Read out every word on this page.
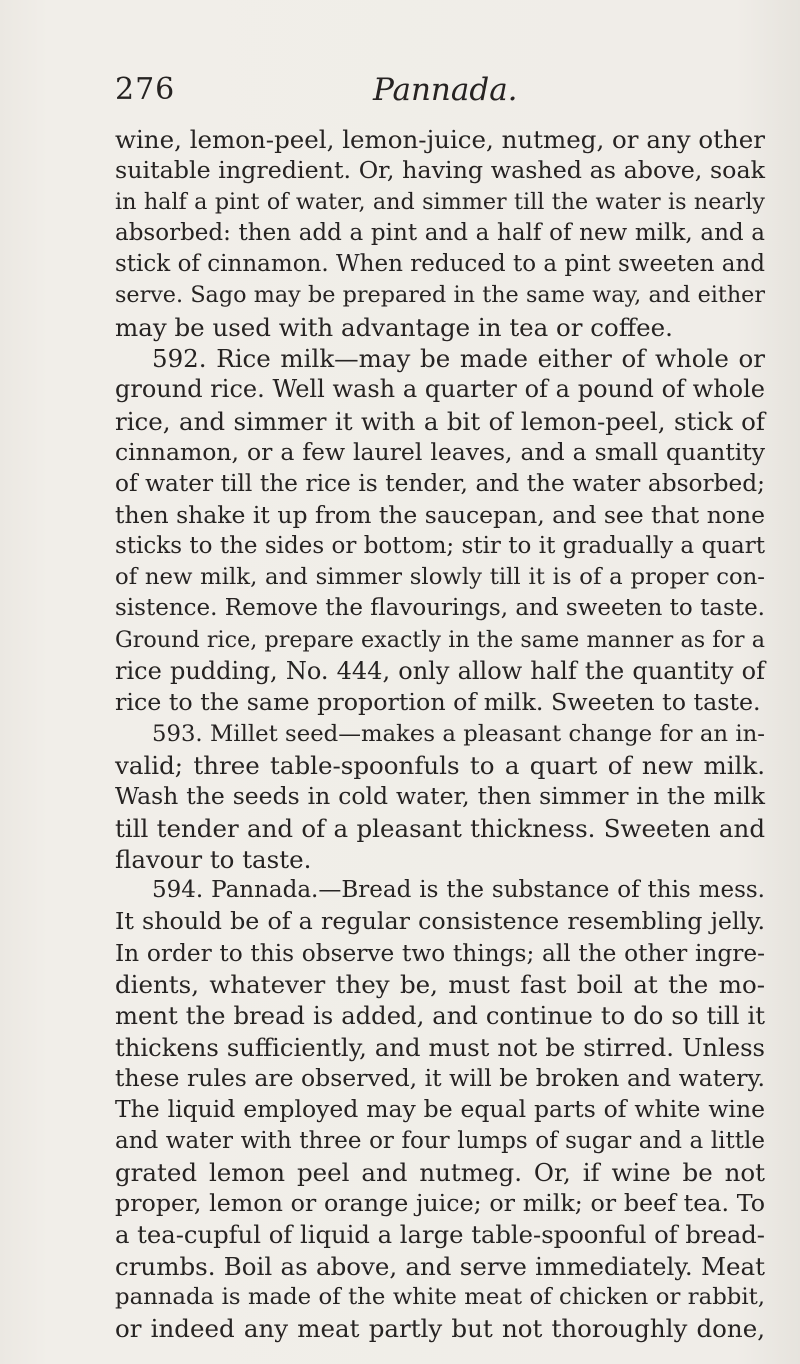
276	Pannada.
wine, lemon-peel, lemon-juice, nutmeg, or any other
suitable ingredient. Or, having washed as above, soak
in half a pint of water, and simmer till the water is nearly
absorbed: then add a pint and a half of new milk, and a
stick of cinnamon. When reduced to a pint sweeten and
serve. Sago may be prepared in the same way, and either
may be used with advantage in tea or coffee.
592. Rice milk—may be made either of whole or
ground rice. Well wash a quarter of a pound of whole
rice, and simmer it with a bit of lemon-peel, stick of
cinnamon, or a few laurel leaves, and a small quantity
of water till the rice is tender, and the water absorbed;
then shake it up from the saucepan, and see that none
sticks to the sides or bottom; stir to it gradually a quart
of new milk, and simmer slowly till it is of a proper con-
sistence. Remove the flavourings, and sweeten to taste.
Ground rice, prepare exactly in the same manner as for a
rice pudding, No. 444, only allow half the quantity of
rice to the same proportion of milk. Sweeten to taste.
593. Millet seed—makes a pleasant change for an in-
valid; three table-spoonfuls to a quart of new milk.
Wash the seeds in cold water, then simmer in the milk
till tender and of a pleasant thickness. Sweeten and
flavour to taste.
594. Pannada.—Bread is the substance of this mess.
It should be of a regular consistence resembling jelly.
In order to this observe two things; all the other ingre-
dients, whatever they be, must fast boil at the mo-
ment the bread is added, and continue to do so till it
thickens sufficiently, and must not be stirred. Unless
these rules are observed, it will be broken and watery.
The liquid employed may be equal parts of white wine
and water with three or four lumps of sugar and a little
grated lemon peel and nutmeg. Or, if wine be not
proper, lemon or orange juice; or milk; or beef tea. To
a tea-cupful of liquid a large table-spoonful of bread-
crumbs. Boil as above, and serve immediately. Meat
pannada is made of the white meat of chicken or rabbit,
or indeed any meat partly but not thoroughly done,
